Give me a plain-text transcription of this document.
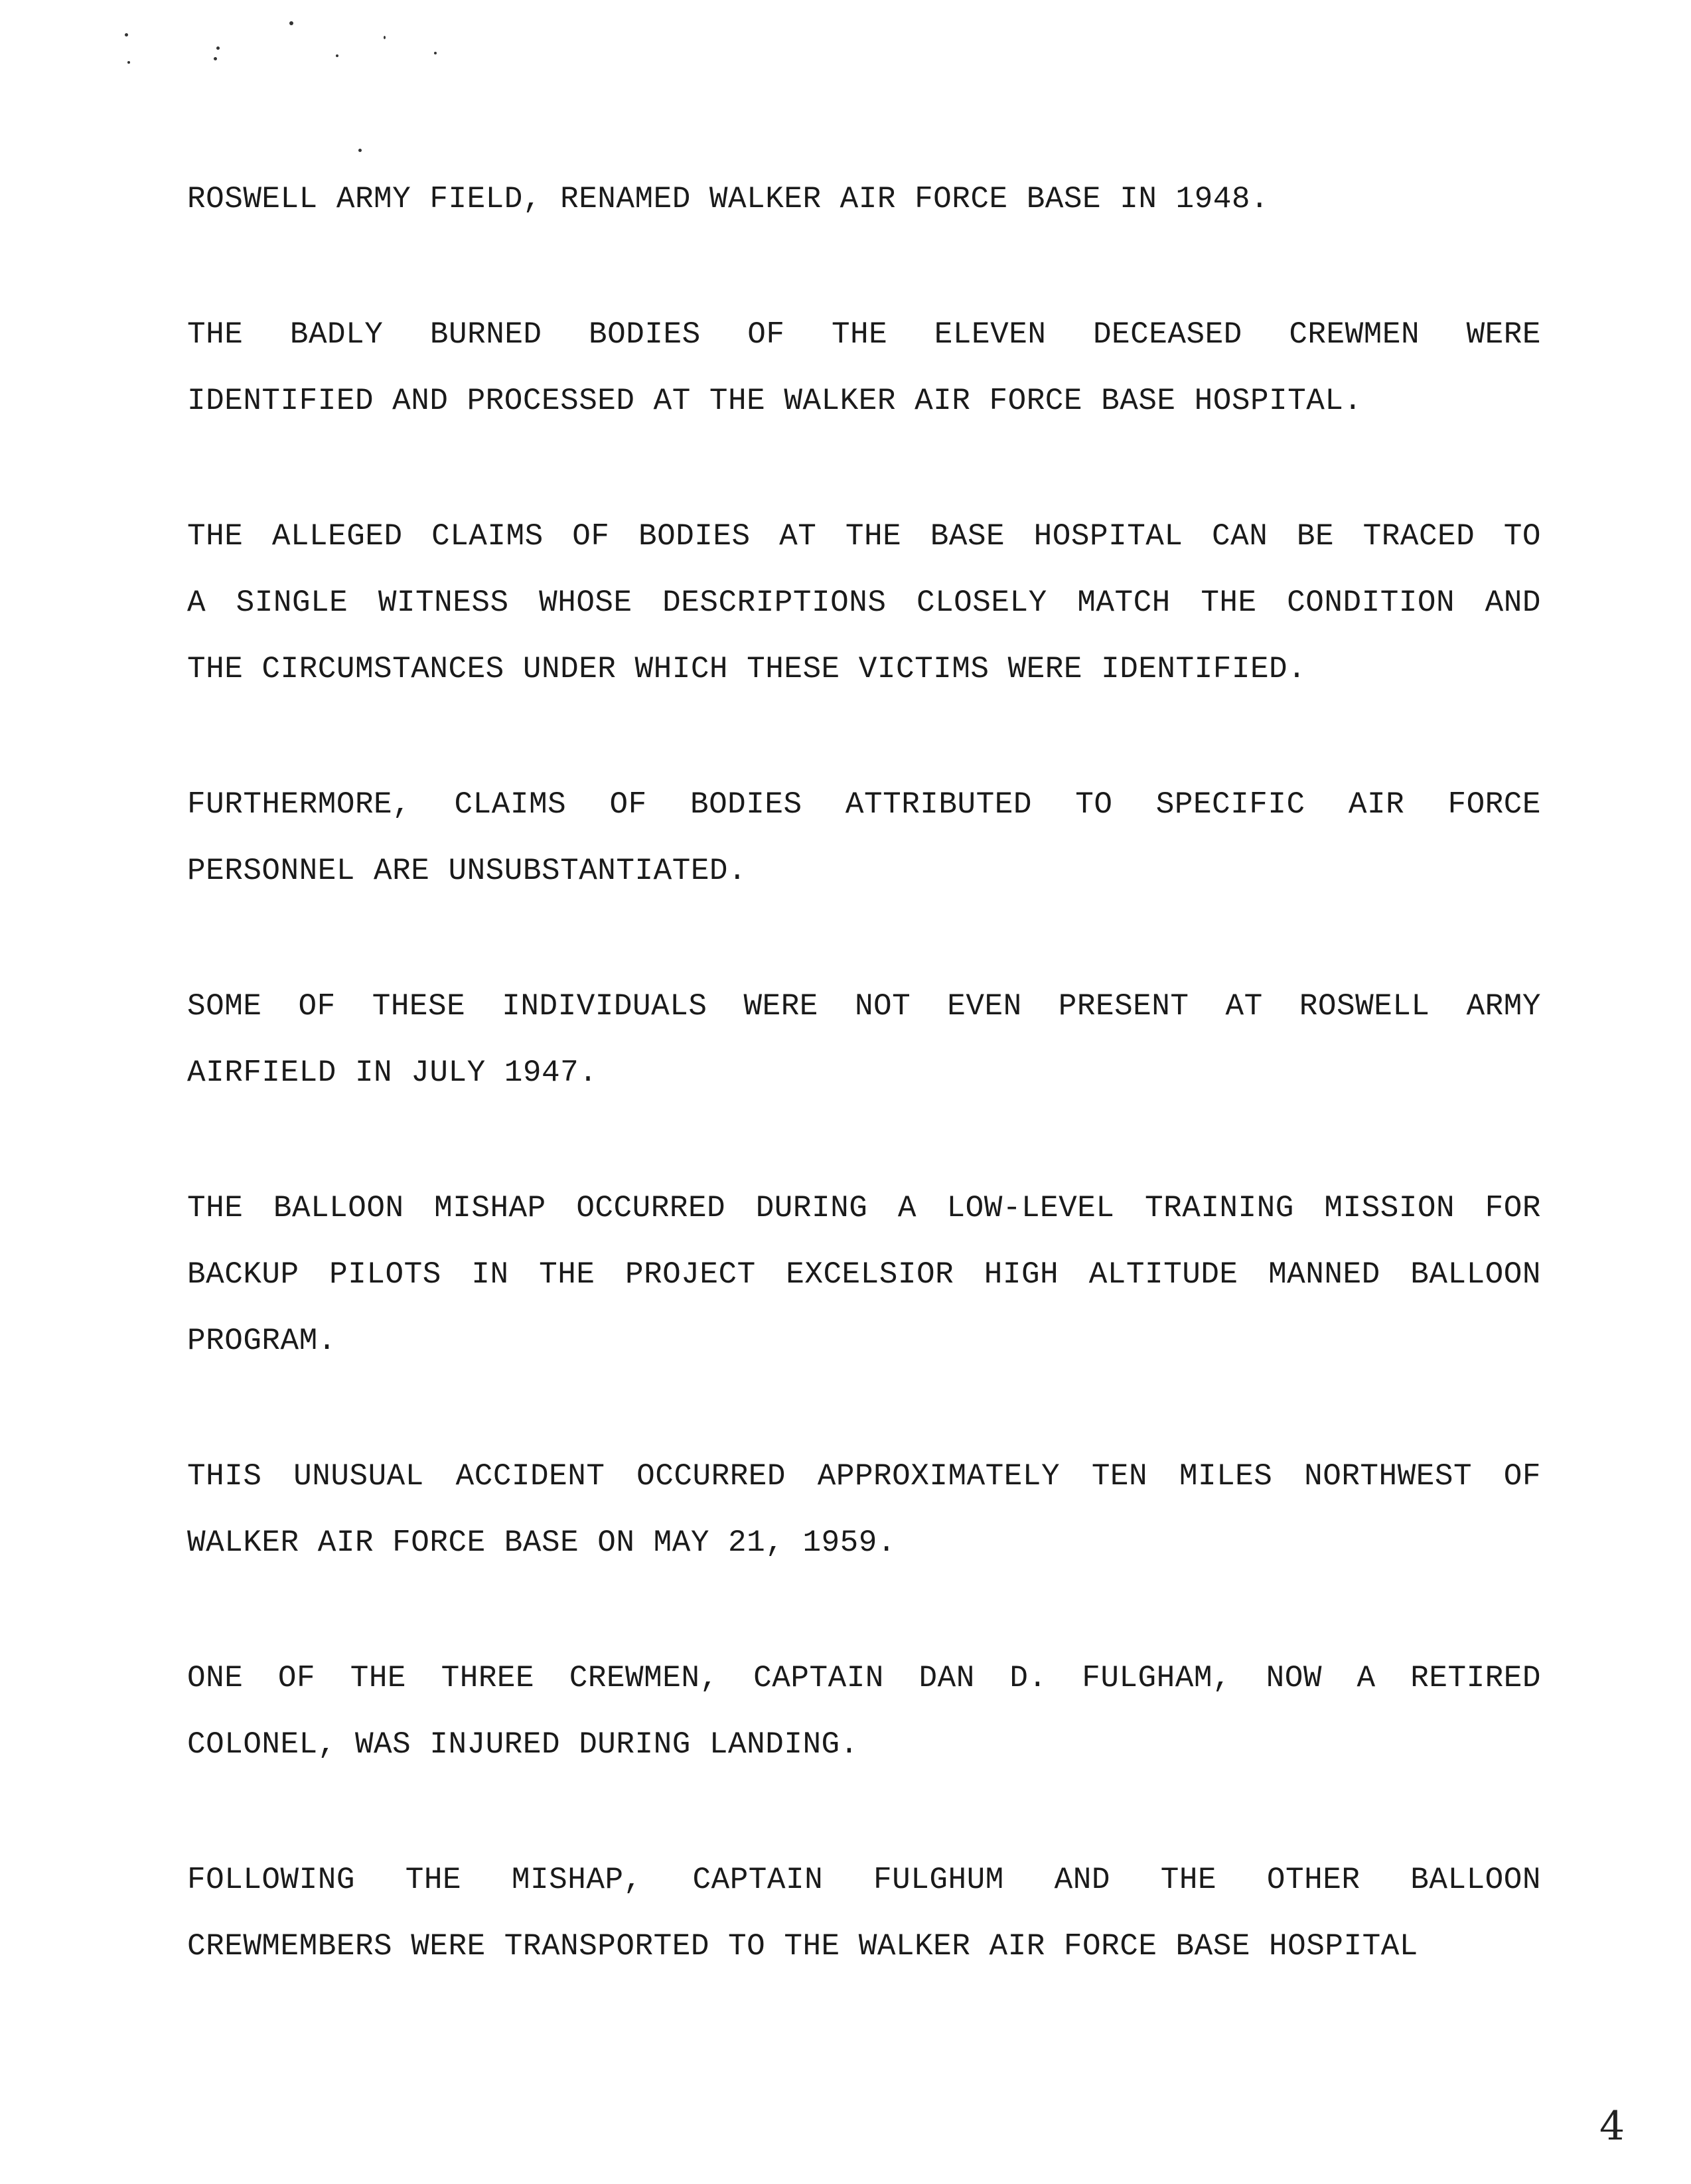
ROSWELL ARMY FIELD, RENAMED WALKER AIR FORCE BASE IN 1948.
THE BADLY BURNED BODIES OF THE ELEVEN DECEASED CREWMEN WERE
IDENTIFIED AND PROCESSED AT THE WALKER AIR FORCE BASE HOSPITAL.
THE ALLEGED CLAIMS OF BODIES AT THE BASE HOSPITAL CAN BE TRACED TO
A SINGLE WITNESS WHOSE DESCRIPTIONS CLOSELY MATCH THE CONDITION AND
THE CIRCUMSTANCES UNDER WHICH THESE VICTIMS WERE IDENTIFIED.
FURTHERMORE, CLAIMS OF BODIES ATTRIBUTED TO SPECIFIC AIR FORCE
PERSONNEL ARE UNSUBSTANTIATED.
SOME OF THESE INDIVIDUALS WERE NOT EVEN PRESENT AT ROSWELL ARMY
AIRFIELD IN JULY 1947.
THE BALLOON MISHAP OCCURRED DURING A LOW-LEVEL TRAINING MISSION FOR
BACKUP PILOTS IN THE PROJECT EXCELSIOR HIGH ALTITUDE MANNED BALLOON
PROGRAM.
THIS UNUSUAL ACCIDENT OCCURRED APPROXIMATELY TEN MILES NORTHWEST OF
WALKER AIR FORCE BASE ON MAY 21, 1959.
ONE OF THE THREE CREWMEN, CAPTAIN DAN D. FULGHAM, NOW A RETIRED
COLONEL, WAS INJURED DURING LANDING.
FOLLOWING THE MISHAP, CAPTAIN FULGHUM AND THE OTHER BALLOON
CREWMEMBERS WERE TRANSPORTED TO THE WALKER AIR FORCE BASE HOSPITAL
4
